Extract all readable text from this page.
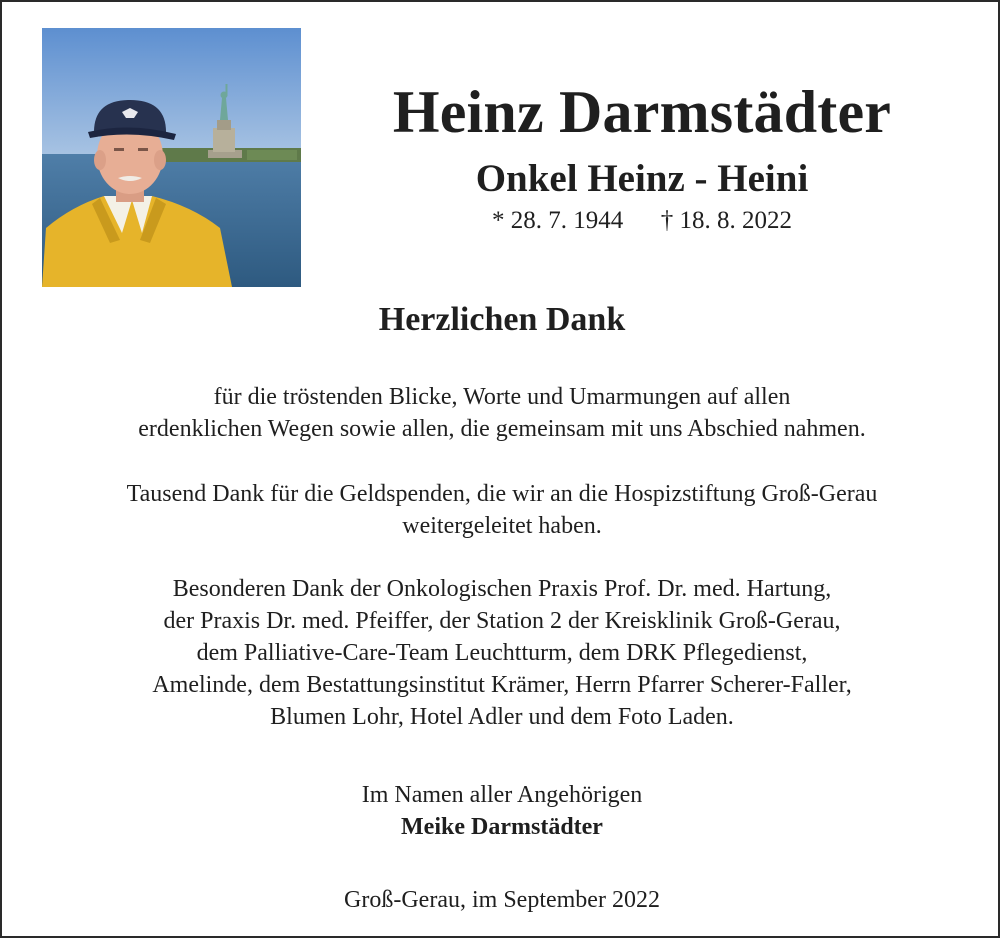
Heinz Darmstädter
Onkel Heinz - Heini
* 28. 7. 1944 † 18. 8. 2022
Herzlichen Dank
für die tröstenden Blicke, Worte und Umarmungen auf allen
erdenklichen Wegen sowie allen, die gemeinsam mit uns Abschied nahmen.
Tausend Dank für die Geldspenden, die wir an die Hospizstiftung Groß-Gerau
weitergeleitet haben.
Besonderen Dank der Onkologischen Praxis Prof. Dr. med. Hartung,
der Praxis Dr. med. Pfeiffer, der Station 2 der Kreisklinik Groß-Gerau,
dem Palliative-Care-Team Leuchtturm, dem DRK Pflegedienst,
Amelinde, dem Bestattungsinstitut Krämer, Herrn Pfarrer Scherer-Faller,
Blumen Lohr, Hotel Adler und dem Foto Laden.
Im Namen aller Angehörigen
Meike Darmstädter
Groß-Gerau, im September 2022
